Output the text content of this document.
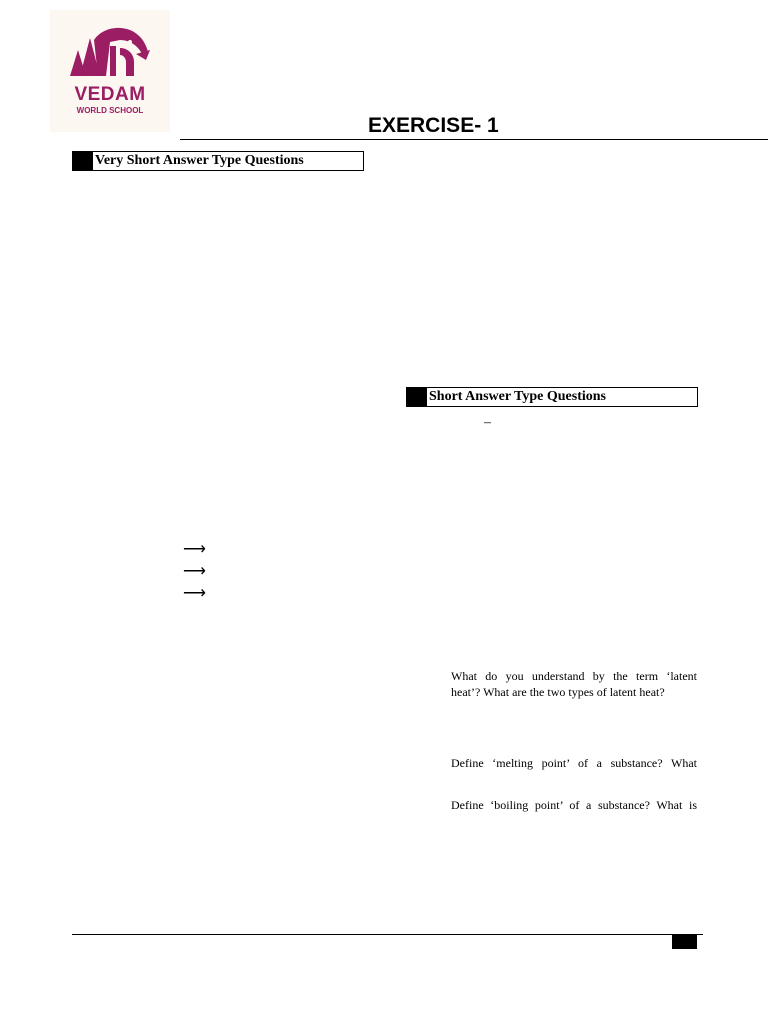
VEDAM
WORLD SCHOOL
EXERCISE- 1
Very Short Answer Type Questions
⟶
⟶
⟶
Short Answer Type Questions
–
What do you understand by the term ‘latent
heat’? What are the two types of latent heat?
Define ‘melting point’ of a substance? What
Define ‘boiling point’ of a substance? What is
